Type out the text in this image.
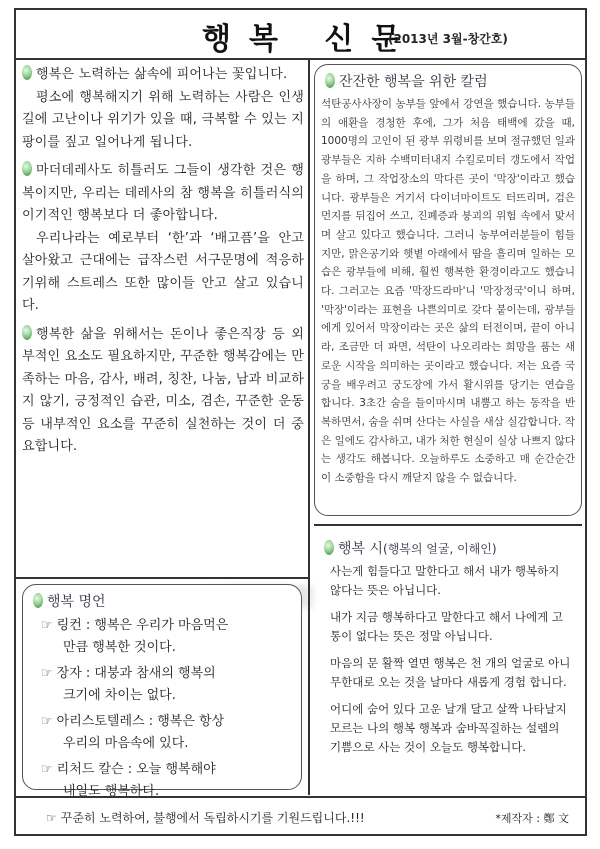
행복 신문
(2013년 3월-창간호)

행복은 노력하는 삶속에 피어나는 꽃입니다.

평소에 행복해지기 위해 노력하는 사람은 인생길에 고난이나 위기가 있을 때, 극복할 수 있는 지팡이를 짚고 일어나게 됩니다.

마더데레사도 히틀러도 그들이 생각한 것은 행복이지만, 우리는 데레사의 참 행복을 히틀러식의 이기적인 행복보다 더 좋아합니다.

우리나라는 예로부터 ‘한’과 ‘배고픔’을 안고 살아왔고 근대에는 급작스런 서구문명에 적응하기위해 스트레스 또한 많이들 안고 살고 있습니다.

행복한 삶을 위해서는 돈이나 좋은직장 등 외부적인 요소도 필요하지만, 꾸준한 행복감에는 만족하는 마음, 감사, 배려, 칭찬, 나눔, 남과 비교하지 않기, 긍정적인 습관, 미소, 겸손, 꾸준한 운동 등 내부적인 요소를 꾸준히 실천하는 것이 더 중요합니다.

행복 명언
☞ 링컨 : 행복은 우리가 마음먹은
만큼 행복한 것이다.
☞ 장자 : 대붕과 참새의 행복의
크기에 차이는 없다.
☞ 아리스토텔레스 : 행복은 항상
우리의 마음속에 있다.
☞ 리처드 칼슨 : 오늘 행복해야
내일도 행복하다.
잔잔한 행복을 위한 칼럼

석탄공사사장이 농부들 앞에서 강연을 했습니다. 농부들의 애환을 경청한 후에, 그가 처음 태백에 갔을 때, 1000명의 고인이 된 광부 위령비를 보며 절규했던 일과 광부들은 지하 수백미터내지 수킬로미터 갱도에서 작업을 하며, 그 작업장소의 막다른 곳이 '막장'이라고 했습니다. 광부들은 거기서 다이너마이트도 터뜨리며, 검은 먼지를 뒤집어 쓰고, 진폐증과 붕괴의 위험 속에서 맞서며 살고 있다고 했습니다. 그러니 농부여러분들이 힘들지만, 맑은공기와 햇볕 아래에서 땀을 흘리며 일하는 모습은 광부들에 비해, 훨씬 행복한 환경이라고도 했습니다. 그러고는 요즘 '막장드라마'니 '막장정국'이니 하며, '막장'이라는 표현을 나쁜의미로 갖다 붙이는데, 광부들에게 있어서 막장이라는 곳은 삶의 터전이며, 끝이 아니라, 조금만 더 파면, 석탄이 나오리라는 희망을 품는 새로운 시작을 의미하는 곳이라고 했습니다. 저는 요즘 국궁을 배우려고 궁도장에 가서 활시위를 당기는 연습을 합니다. 3초간 숨을 들이마시며 내뿜고 하는 동작을 반복하면서, 숨을 쉬며 산다는 사실을 새삼 실감합니다. 작은 일에도 감사하고, 내가 처한 현실이 실상 나쁘지 않다는 생각도 해봅니다. 오늘하루도 소중하고 매 순간순간이 소중함을 다시 깨닫지 않을 수 없습니다.

행복 시(행복의 얼굴, 이해인)

사는게 힘들다고 말한다고 해서 내가 행복하지 않다는 뜻은 아닙니다.

내가 지금 행복하다고 말한다고 해서 나에게 고통이 없다는 뜻은 정말 아닙니다.

마음의 문 활짝 열면 행복은 천 개의 얼굴로 아니 무한대로 오는 것을 날마다 새롭게 경험 합니다.

어디에 숨어 있다 고운 날개 달고 살짝 나타날지 모르는 나의 행복 행복과 숨바꼭질하는 설렘의 기쁨으로 사는 것이 오늘도 행복합니다.

☞ 꾸준히 노력하여, 불행에서 독립하시기를 기원드립니다.!!!	*제작자 : 鄭 文
